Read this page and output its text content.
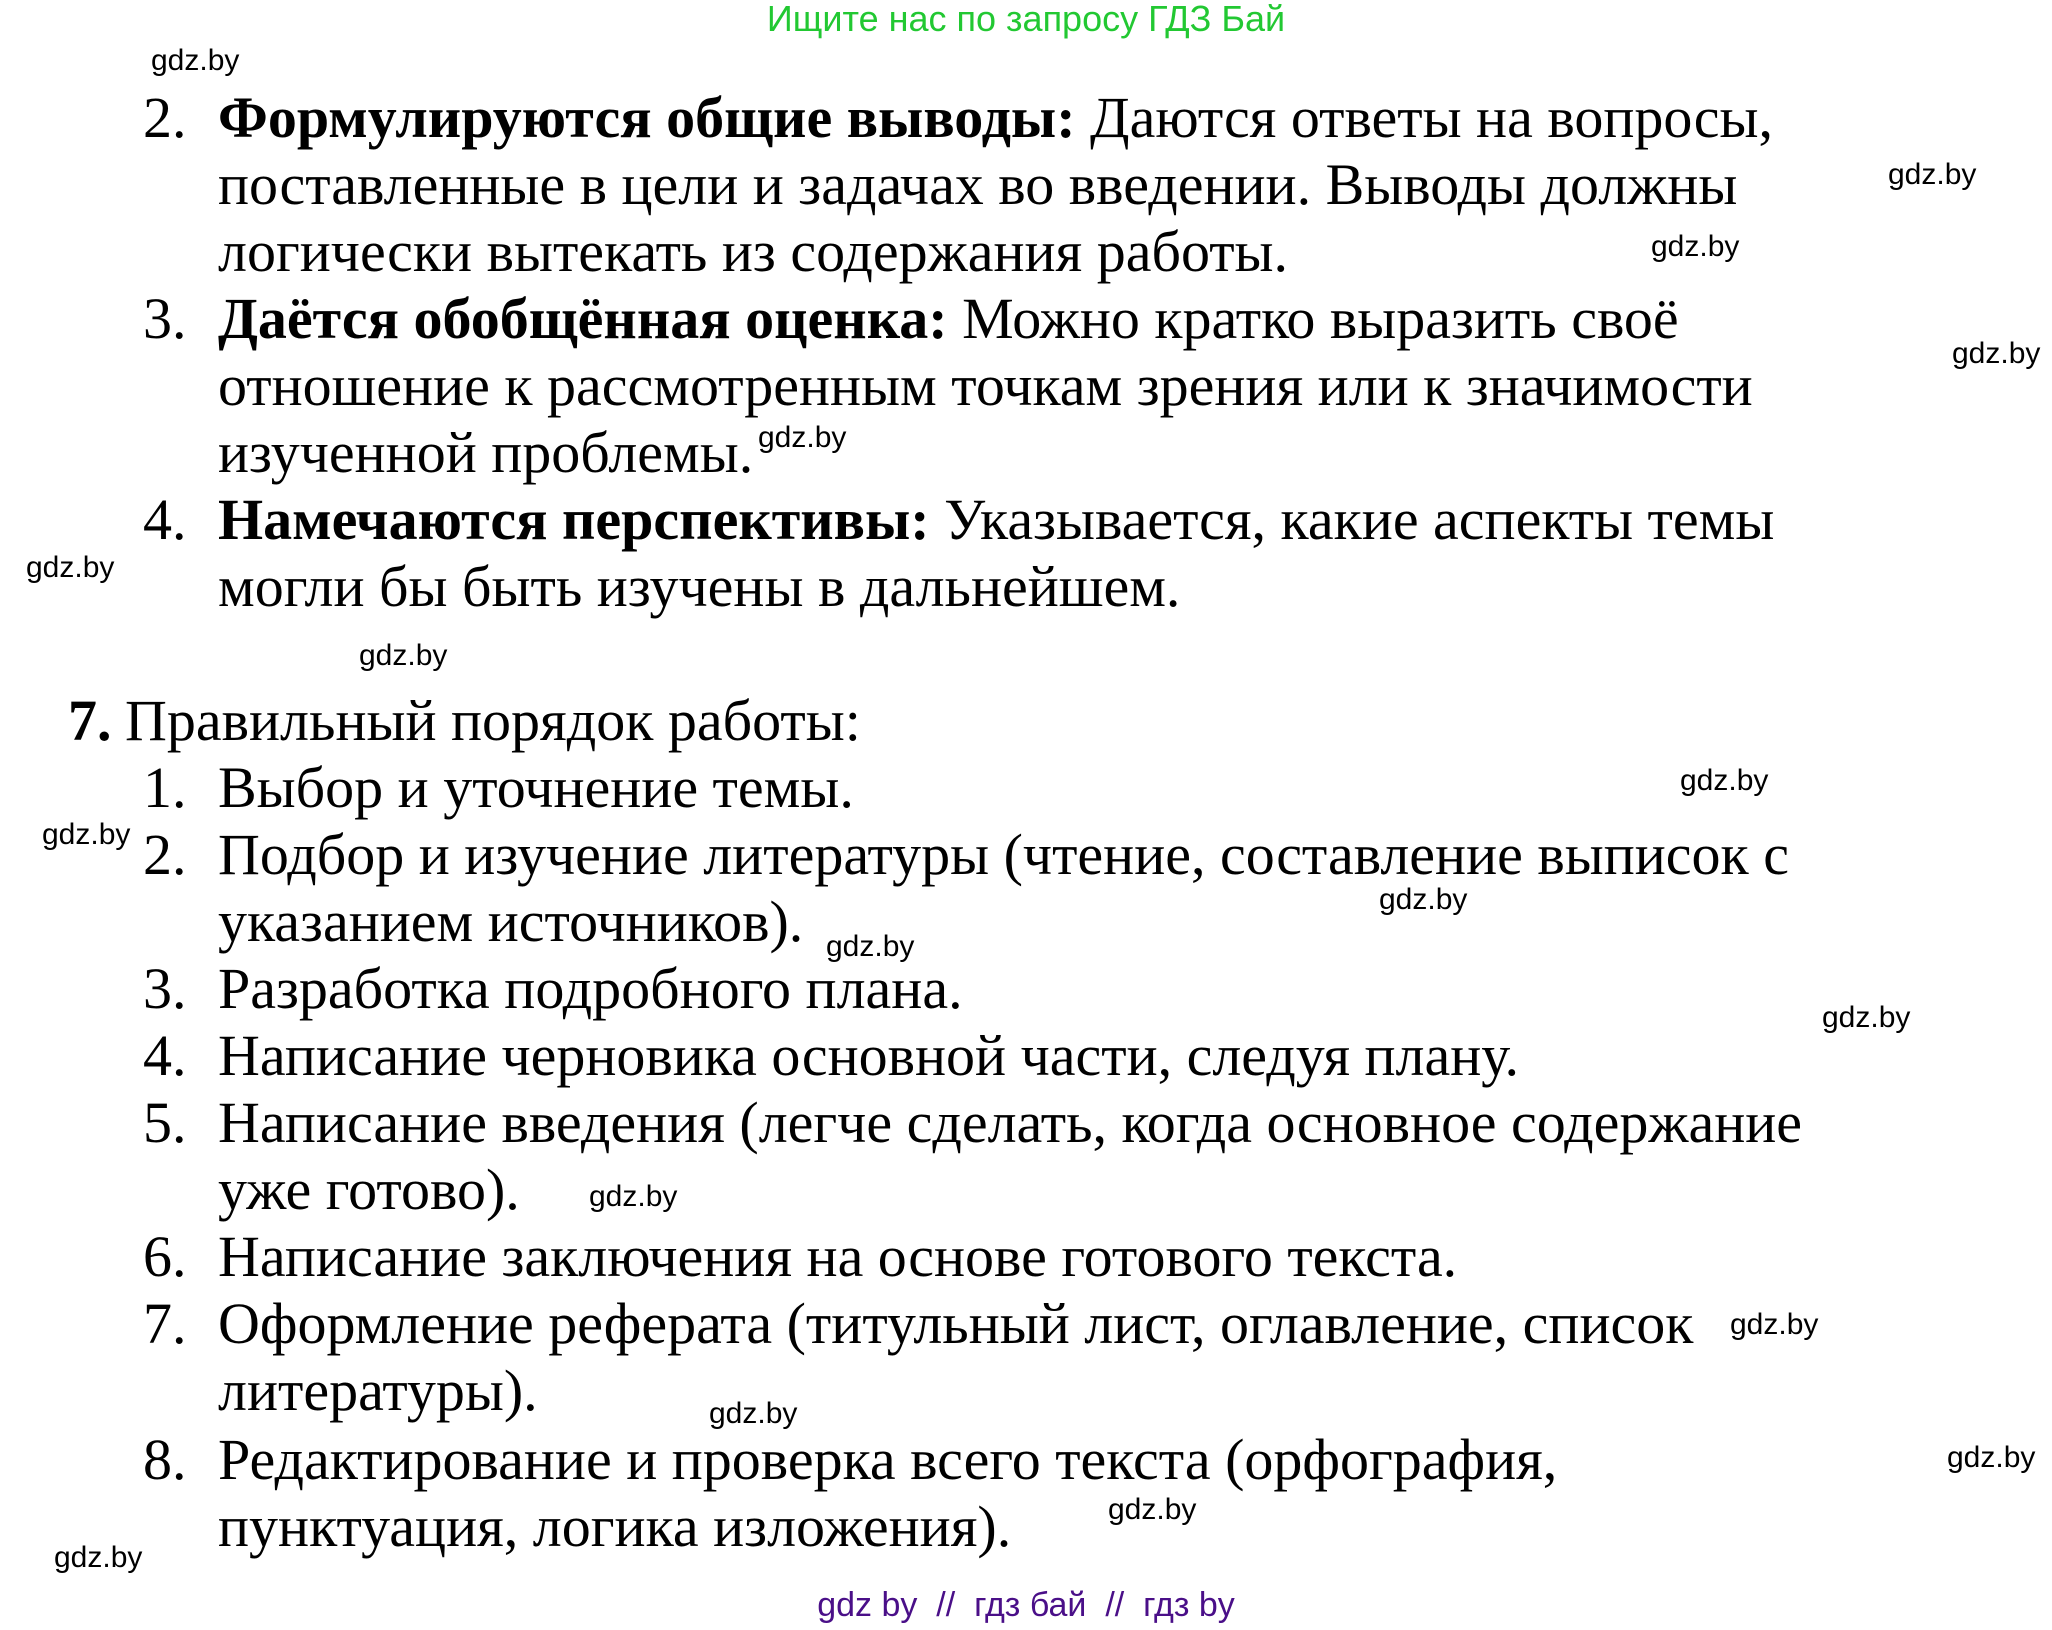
Ищите нас по запросу ГДЗ Бай
2. Формулируются общие выводы: Даются ответы на вопросы,
поставленные в цели и задачах во введении. Выводы должны
логически вытекать из содержания работы.
3. Даётся обобщённая оценка: Можно кратко выразить своё
отношение к рассмотренным точкам зрения или к значимости
изученной проблемы.
4. Намечаются перспективы: Указывается, какие аспекты темы
могли бы быть изучены в дальнейшем.
7. Правильный порядок работы:
1. Выбор и уточнение темы.
2. Подбор и изучение литературы (чтение, составление выписок с
указанием источников).
3. Разработка подробного плана.
4. Написание черновика основной части, следуя плану.
5. Написание введения (легче сделать, когда основное содержание
уже готово).
6. Написание заключения на основе готового текста.
7. Оформление реферата (титульный лист, оглавление, список
литературы).
8. Редактирование и проверка всего текста (орфография,
пунктуация, логика изложения).
gdz.by
gdz.by
gdz.by
gdz.by
gdz.by
gdz.by
gdz.by
gdz.by
gdz.by
gdz.by
gdz.by
gdz.by
gdz.by
gdz.by
gdz.by
gdz.by
gdz.by
gdz.by
gdz by  //  гдз бай  //  гдз by
